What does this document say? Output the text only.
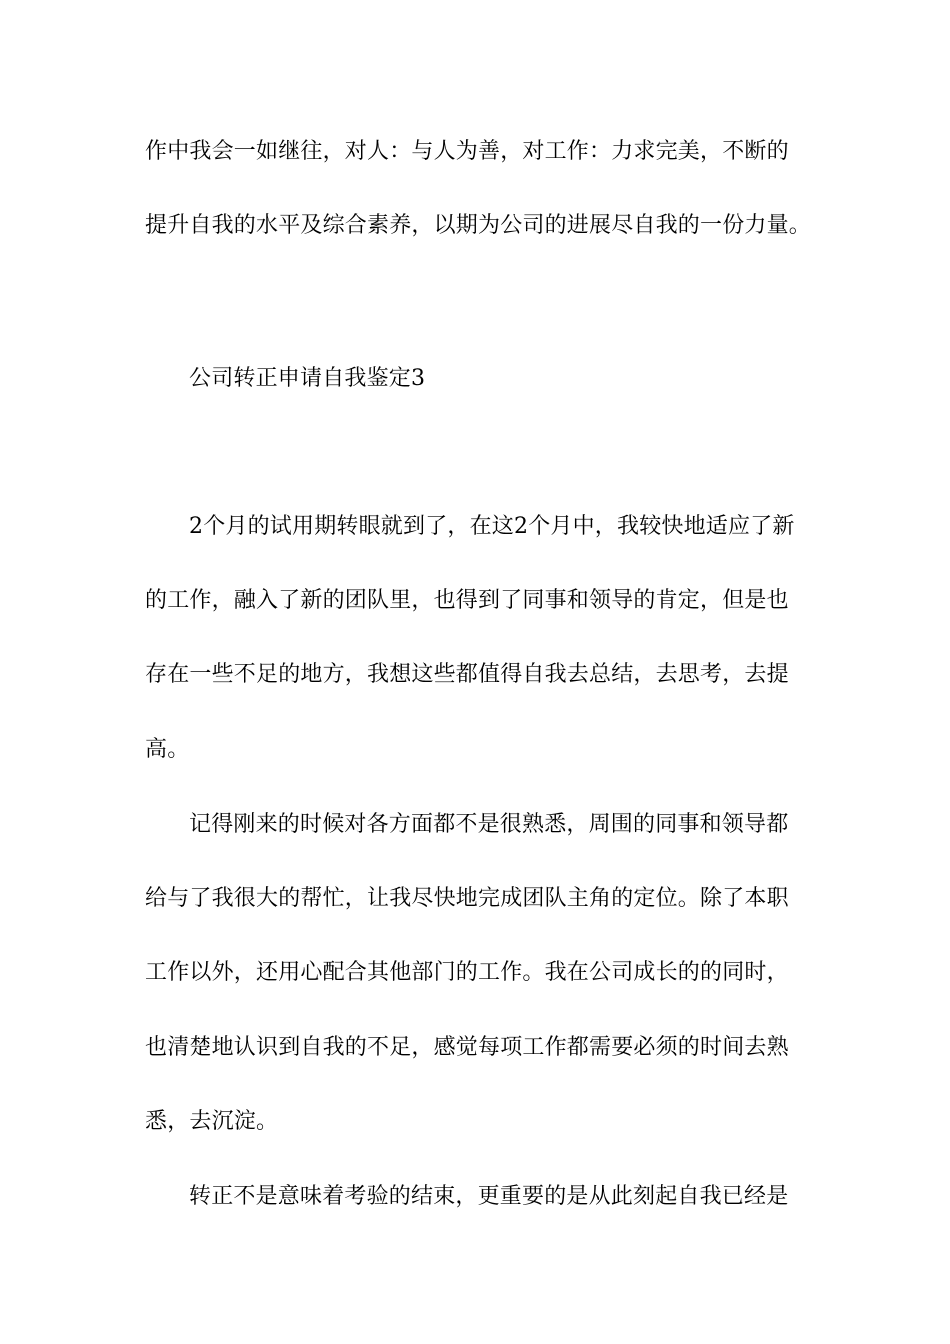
作中我会一如继往，对人：与人为善，对工作：力求完美，不断的
提升自我的水平及综合素养，以期为公司的进展尽自我的一份力量。
公司转正申请自我鉴定3
2个月的试用期转眼就到了，在这2个月中，我较快地适应了新
的工作，融入了新的团队里，也得到了同事和领导的肯定，但是也
存在一些不足的地方，我想这些都值得自我去总结，去思考，去提
高。
记得刚来的时候对各方面都不是很熟悉，周围的同事和领导都
给与了我很大的帮忙，让我尽快地完成团队主角的定位。除了本职
工作以外，还用心配合其他部门的工作。我在公司成长的的同时，
也清楚地认识到自我的不足，感觉每项工作都需要必须的时间去熟
悉，去沉淀。
转正不是意味着考验的结束，更重要的是从此刻起自我已经是
